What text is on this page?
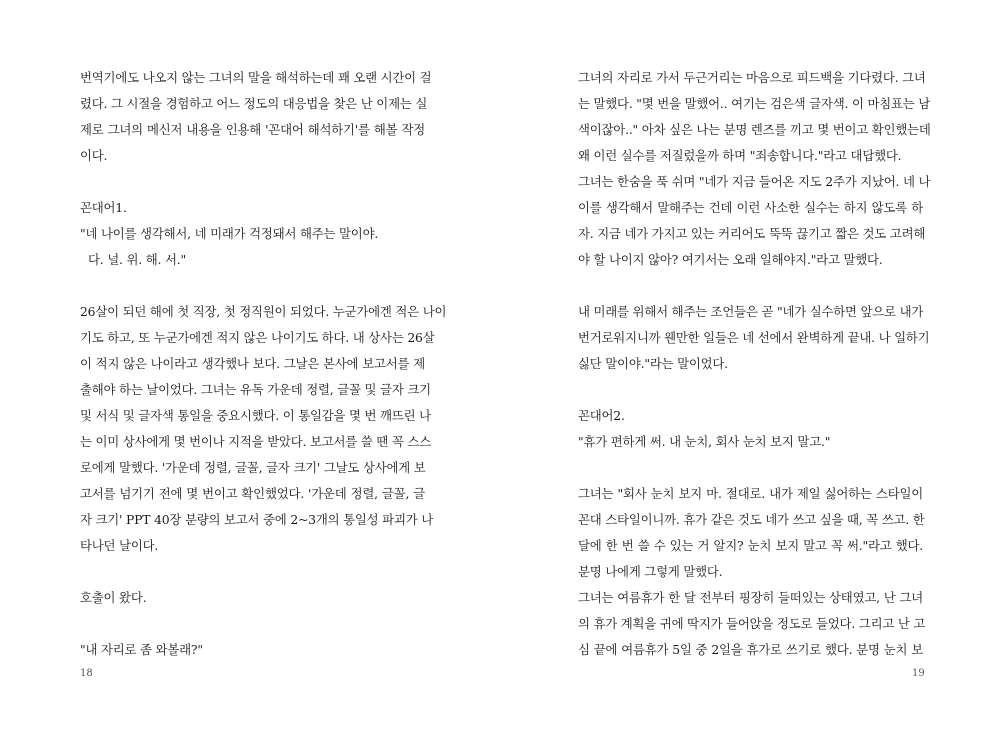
번역기에도 나오지 않는 그녀의 말을 해석하는데 꽤 오랜 시간이 걸
렸다. 그 시절을 경험하고 어느 정도의 대응법을 찾은 난 이제는 실
제로 그녀의 메신저 내용을 인용해 '꼰대어 해석하기'를 해볼 작정
이다.
꼰대어1.
"네 나이를 생각해서, 네 미래가 걱정돼서 해주는 말이야.
다. 널. 위. 해. 서."
26살이 되던 해에 첫 직장, 첫 정직원이 되었다. 누군가에겐 적은 나이
기도 하고, 또 누군가에겐 적지 않은 나이기도 하다. 내 상사는 26살
이 적지 않은 나이라고 생각했나 보다. 그날은 본사에 보고서를 제
출해야 하는 날이었다. 그녀는 유독 가운데 정렬, 글꼴 및 글자 크기
및 서식 및 글자색 통일을 중요시했다. 이 통일감을 몇 번 깨뜨린 나
는 이미 상사에게 몇 번이나 지적을 받았다. 보고서를 쓸 땐 꼭 스스
로에게 말했다. '가운데 정렬, 글꼴, 글자 크기' 그날도 상사에게 보
고서를 넘기기 전에 몇 번이고 확인했었다. '가운데 정렬, 글꼴, 글
자 크기' PPT 40장 분량의 보고서 중에 2~3개의 통일성 파괴가 나
타나던 날이다.
호출이 왔다.
"내 자리로 좀 와볼래?"
그녀의 자리로 가서 두근거리는 마음으로 피드백을 기다렸다. 그녀
는 말했다. "몇 번을 말했어.. 여기는 검은색 글자색. 이 마침표는 남
색이잖아.." 아차 싶은 나는 분명 렌즈를 끼고 몇 번이고 확인했는데
왜 이런 실수를 저질렀을까 하며 "죄송합니다."라고 대답했다.
그녀는 한숨을 푹 쉬며 "네가 지금 들어온 지도 2주가 지났어. 네 나
이를 생각해서 말해주는 건데 이런 사소한 실수는 하지 않도록 하
자. 지금 네가 가지고 있는 커리어도 뚝뚝 끊기고 짧은 것도 고려해
야 할 나이지 않아? 여기서는 오래 일해야지."라고 말했다.
내 미래를 위해서 해주는 조언들은 곧 "네가 실수하면 앞으로 내가
번거로워지니까 웬만한 일들은 네 선에서 완벽하게 끝내. 나 일하기
싫단 말이야."라는 말이었다.
꼰대어2.
"휴가 편하게 써. 내 눈치, 회사 눈치 보지 말고."
그녀는 "회사 눈치 보지 마. 절대로. 내가 제일 싫어하는 스타일이
꼰대 스타일이니까. 휴가 같은 것도 네가 쓰고 싶을 때, 꼭 쓰고. 한
달에 한 번 쓸 수 있는 거 알지? 눈치 보지 말고 꼭 써."라고 했다.
분명 나에게 그렇게 말했다.
그녀는 여름휴가 한 달 전부터 핑장히 들떠있는 상태였고, 난 그녀
의 휴가 계획을 귀에 딱지가 들어앉을 정도로 들었다. 그리고 난 고
심 끝에 여름휴가 5일 중 2일을 휴가로 쓰기로 했다. 분명 눈치 보
18	19
